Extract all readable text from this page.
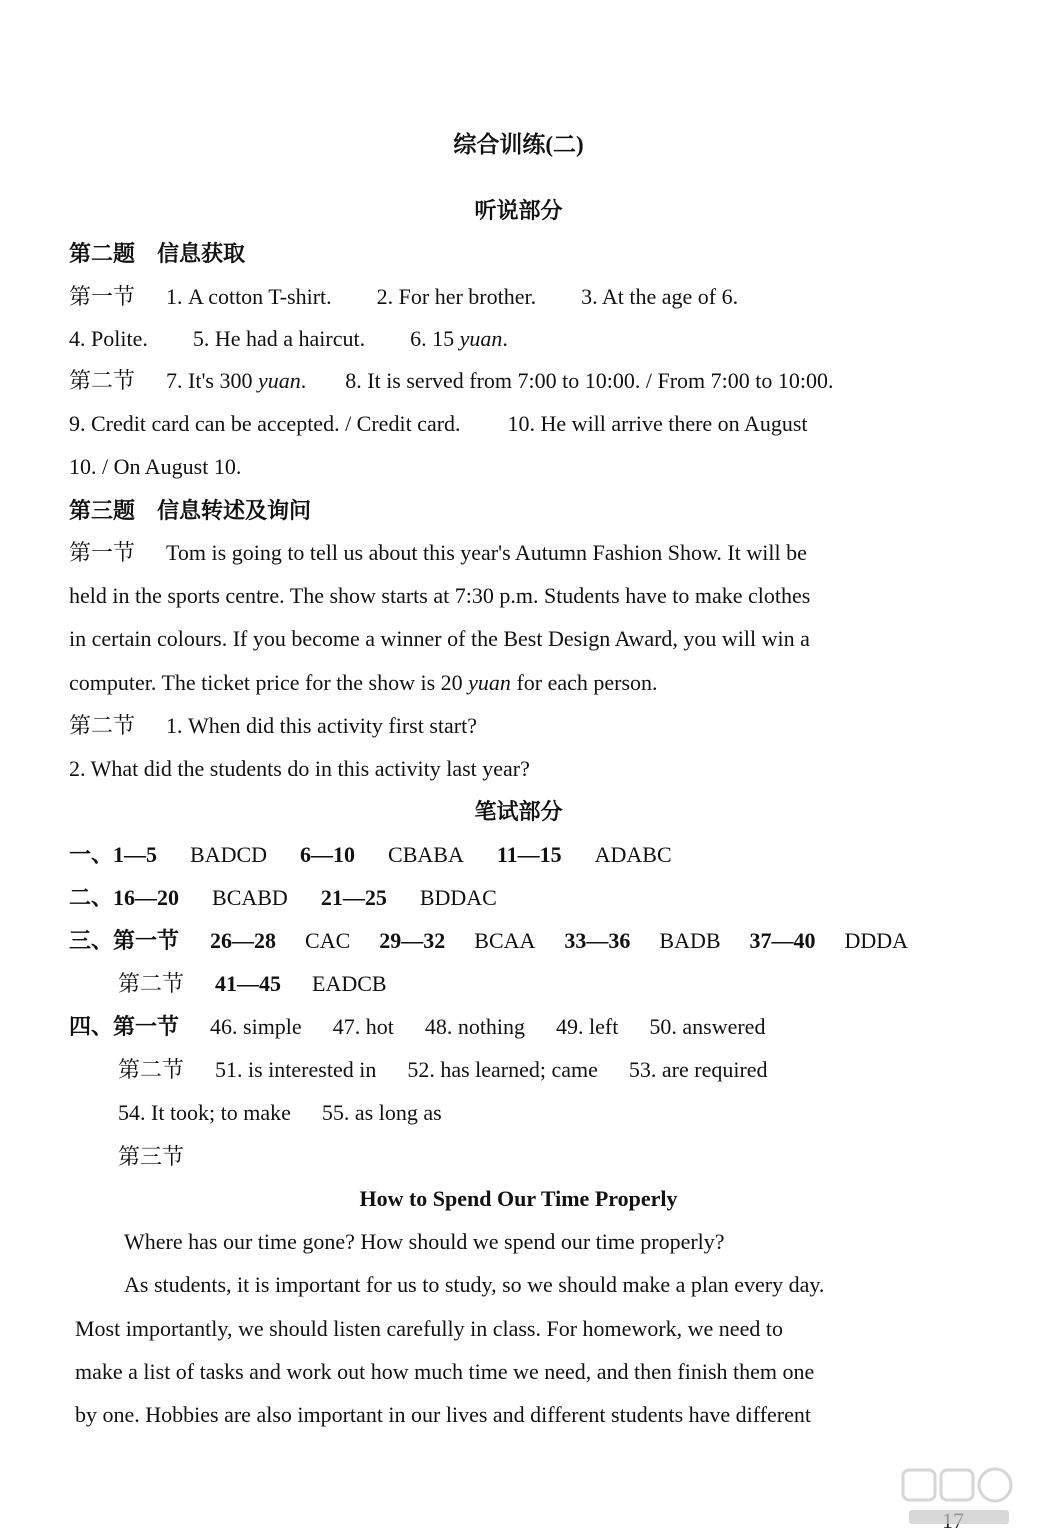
综合训练(二)
听说部分
第二题　信息获取
第一节 1. A cotton T-shirt. 2. For her brother. 3. At the age of 6.
4. Polite. 5. He had a haircut. 6. 15 yuan.
第二节 7. It's 300 yuan. 8. It is served from 7:00 to 10:00. / From 7:00 to 10:00.
9. Credit card can be accepted. / Credit card. 10. He will arrive there on August
10. / On August 10.
第三题　信息转述及询问
第一节 Tom is going to tell us about this year's Autumn Fashion Show. It will be
held in the sports centre. The show starts at 7:30 p.m. Students have to make clothes
in certain colours. If you become a winner of the Best Design Award, you will win a
computer. The ticket price for the show is 20 yuan for each person.
第二节 1. When did this activity first start?
2. What did the students do in this activity last year?
笔试部分
一、1—5 BADCD 6—10 CBABA 11—15 ADABC
二、16—20 BCABD 21—25 BDDAC
三、第一节 26—28 CAC 29—32 BCAA 33—36 BADB 37—40 DDDA
第二节 41—45 EADCB
四、第一节 46. simple 47. hot 48. nothing 49. left 50. answered
第二节 51. is interested in 52. has learned; came 53. are required
54. It took; to make 55. as long as
第三节
How to Spend Our Time Properly
Where has our time gone? How should we spend our time properly?
As students, it is important for us to study, so we should make a plan every day.
Most importantly, we should listen carefully in class. For homework, we need to
make a list of tasks and work out how much time we need, and then finish them one
by one. Hobbies are also important in our lives and different students have different
